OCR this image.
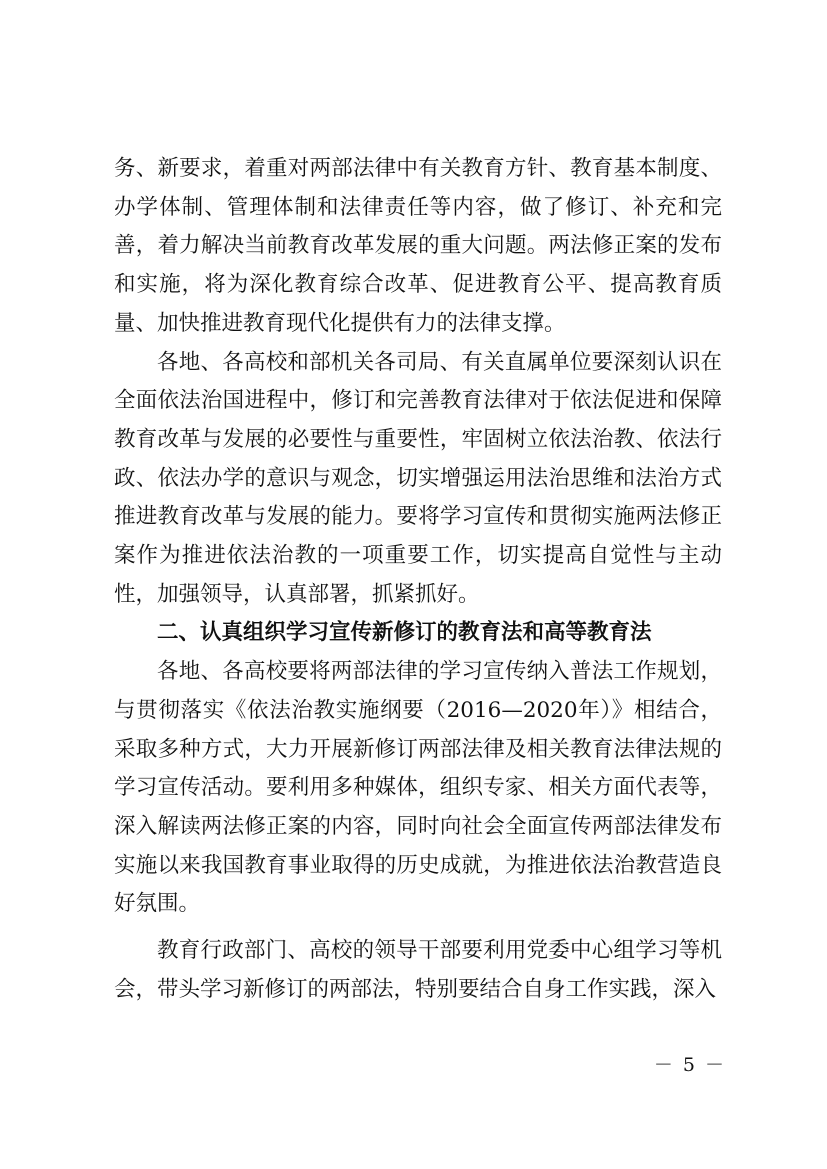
务、新要求，着重对两部法律中有关教育方针、教育基本制度、办学体制、管理体制和法律责任等内容，做了修订、补充和完善，着力解决当前教育改革发展的重大问题。两法修正案的发布和实施，将为深化教育综合改革、促进教育公平、提高教育质量、加快推进教育现代化提供有力的法律支撑。

各地、各高校和部机关各司局、有关直属单位要深刻认识在全面依法治国进程中，修订和完善教育法律对于依法促进和保障教育改革与发展的必要性与重要性，牢固树立依法治教、依法行政、依法办学的意识与观念，切实增强运用法治思维和法治方式推进教育改革与发展的能力。要将学习宣传和贯彻实施两法修正案作为推进依法治教的一项重要工作，切实提高自觉性与主动性，加强领导，认真部署，抓紧抓好。

二、认真组织学习宣传新修订的教育法和高等教育法

各地、各高校要将两部法律的学习宣传纳入普法工作规划，与贯彻落实《依法治教实施纲要（2016—2020年）》相结合，采取多种方式，大力开展新修订两部法律及相关教育法律法规的学习宣传活动。要利用多种媒体，组织专家、相关方面代表等，深入解读两法修正案的内容，同时向社会全面宣传两部法律发布实施以来我国教育事业取得的历史成就，为推进依法治教营造良好氛围。

教育行政部门、高校的领导干部要利用党委中心组学习等机会，带头学习新修订的两部法，特别要结合自身工作实践，深入

－ 5 －
